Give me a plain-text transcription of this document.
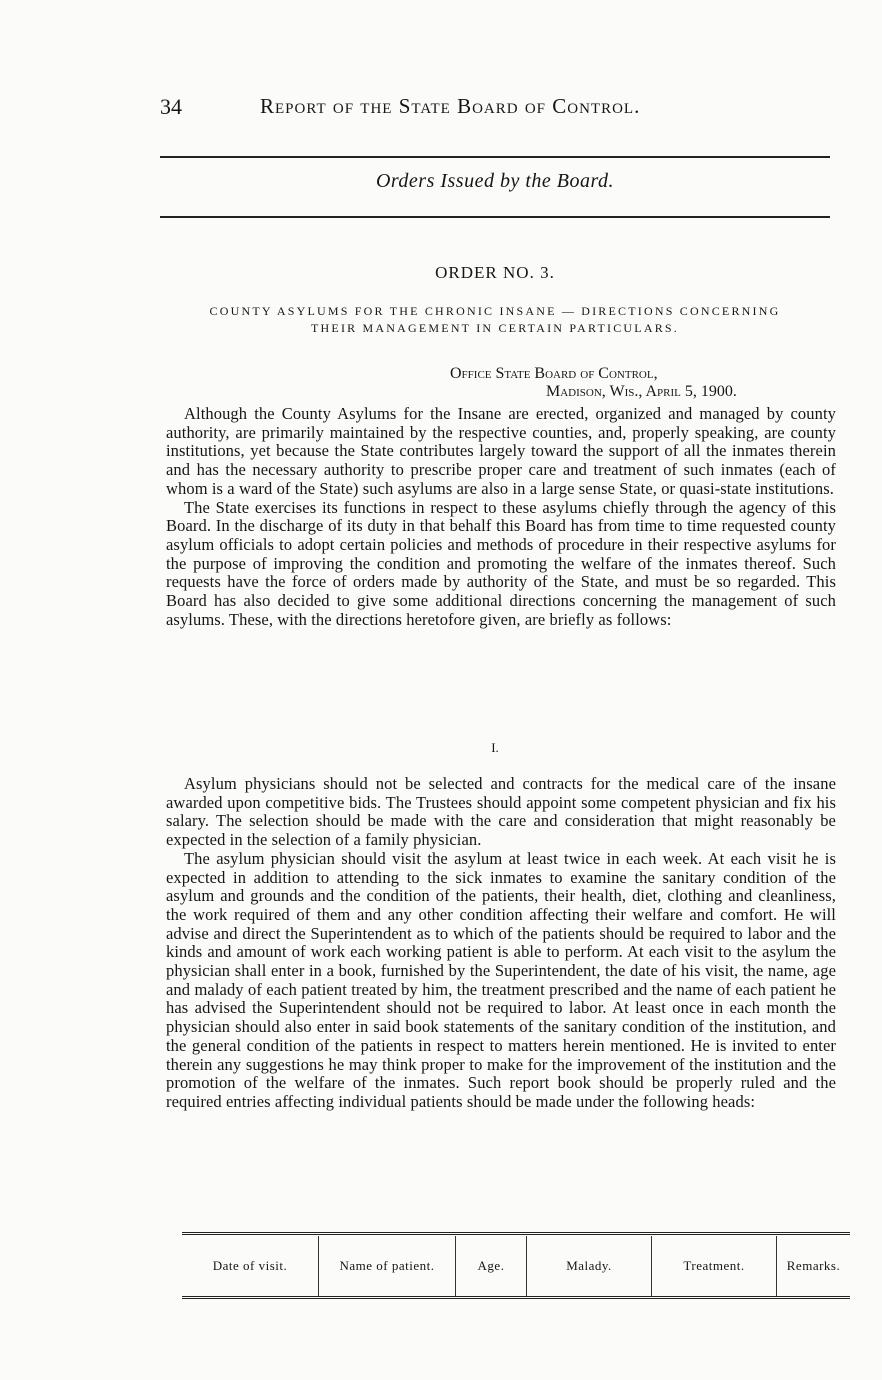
34	Report of the State Board of Control.
Orders Issued by the Board.
ORDER NO. 3.
COUNTY ASYLUMS FOR THE CHRONIC INSANE — DIRECTIONS CONCERNING
THEIR MANAGEMENT IN CERTAIN PARTICULARS.
Office State Board of Control,
Madison, Wis., April 5, 1900.

Although the County Asylums for the Insane are erected, organized and managed by county authority, are primarily maintained by the respective counties, and, properly speaking, are county institutions, yet because the State contributes largely toward the support of all the inmates therein and has the necessary authority to prescribe proper care and treatment of such inmates (each of whom is a ward of the State) such asylums are also in a large sense State, or quasi-state institutions.

The State exercises its functions in respect to these asylums chiefly through the agency of this Board. In the discharge of its duty in that behalf this Board has from time to time requested county asylum officials to adopt certain policies and methods of procedure in their respective asylums for the purpose of improving the condition and promoting the welfare of the inmates thereof. Such requests have the force of orders made by authority of the State, and must be so regarded. This Board has also decided to give some additional directions concerning the management of such asylums. These, with the directions heretofore given, are briefly as follows:

I.

Asylum physicians should not be selected and contracts for the medical care of the insane awarded upon competitive bids. The Trustees should appoint some competent physician and fix his salary. The selection should be made with the care and consideration that might reasonably be expected in the selection of a family physician.

The asylum physician should visit the asylum at least twice in each week. At each visit he is expected in addition to attending to the sick inmates to examine the sanitary condition of the asylum and grounds and the condition of the patients, their health, diet, clothing and cleanliness, the work required of them and any other condition affecting their welfare and comfort. He will advise and direct the Superintendent as to which of the patients should be required to labor and the kinds and amount of work each working patient is able to perform. At each visit to the asylum the physician shall enter in a book, furnished by the Superintendent, the date of his visit, the name, age and malady of each patient treated by him, the treatment prescribed and the name of each patient he has advised the Superintendent should not be required to labor. At least once in each month the physician should also enter in said book statements of the sanitary condition of the institution, and the general condition of the patients in respect to matters herein mentioned. He is invited to enter therein any suggestions he may think proper to make for the improvement of the institution and the promotion of the welfare of the inmates. Such report book should be properly ruled and the required entries affecting individual patients should be made under the following heads:

Date of visit.	Name of patient.	Age.	Malady.	Treatment.	Remarks.
